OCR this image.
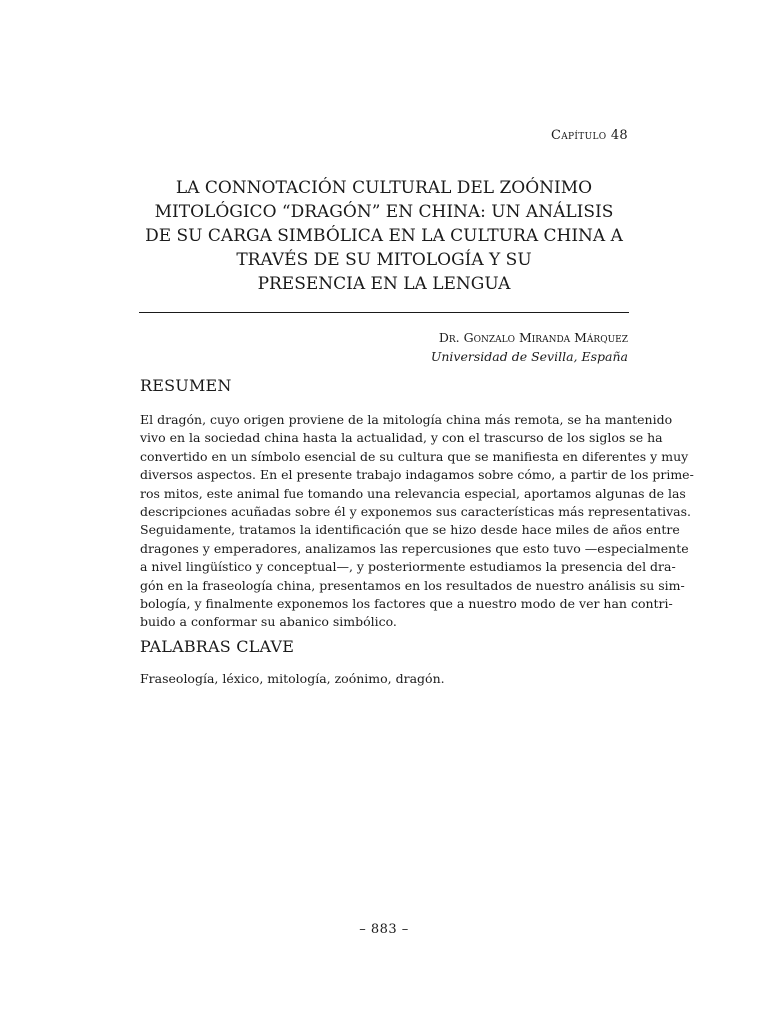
Capítulo 48
LA CONNOTACIÓN CULTURAL DEL ZOÓNIMO
MITOLÓGICO “DRAGÓN” EN CHINA: UN ANÁLISIS
DE SU CARGA SIMBÓLICA EN LA CULTURA CHINA A
TRAVÉS DE SU MITOLOGÍA Y SU
PRESENCIA EN LA LENGUA
Dr. Gonzalo Miranda Márquez
Universidad de Sevilla, España
RESUMEN
El dragón, cuyo origen proviene de la mitología china más remota, se ha mantenido
vivo en la sociedad china hasta la actualidad, y con el trascurso de los siglos se ha
convertido en un símbolo esencial de su cultura que se manifiesta en diferentes y muy
diversos aspectos. En el presente trabajo indagamos sobre cómo, a partir de los prime-
ros mitos, este animal fue tomando una relevancia especial, aportamos algunas de las
descripciones acuñadas sobre él y exponemos sus características más representativas.
Seguidamente, tratamos la identificación que se hizo desde hace miles de años entre
dragones y emperadores, analizamos las repercusiones que esto tuvo —especialmente
a nivel lingüístico y conceptual—, y posteriormente estudiamos la presencia del dra-
gón en la fraseología china, presentamos en los resultados de nuestro análisis su sim-
bología, y finalmente exponemos los factores que a nuestro modo de ver han contri-
buido a conformar su abanico simbólico.
PALABRAS CLAVE
Fraseología, léxico, mitología, zoónimo, dragón.
– 883 –
